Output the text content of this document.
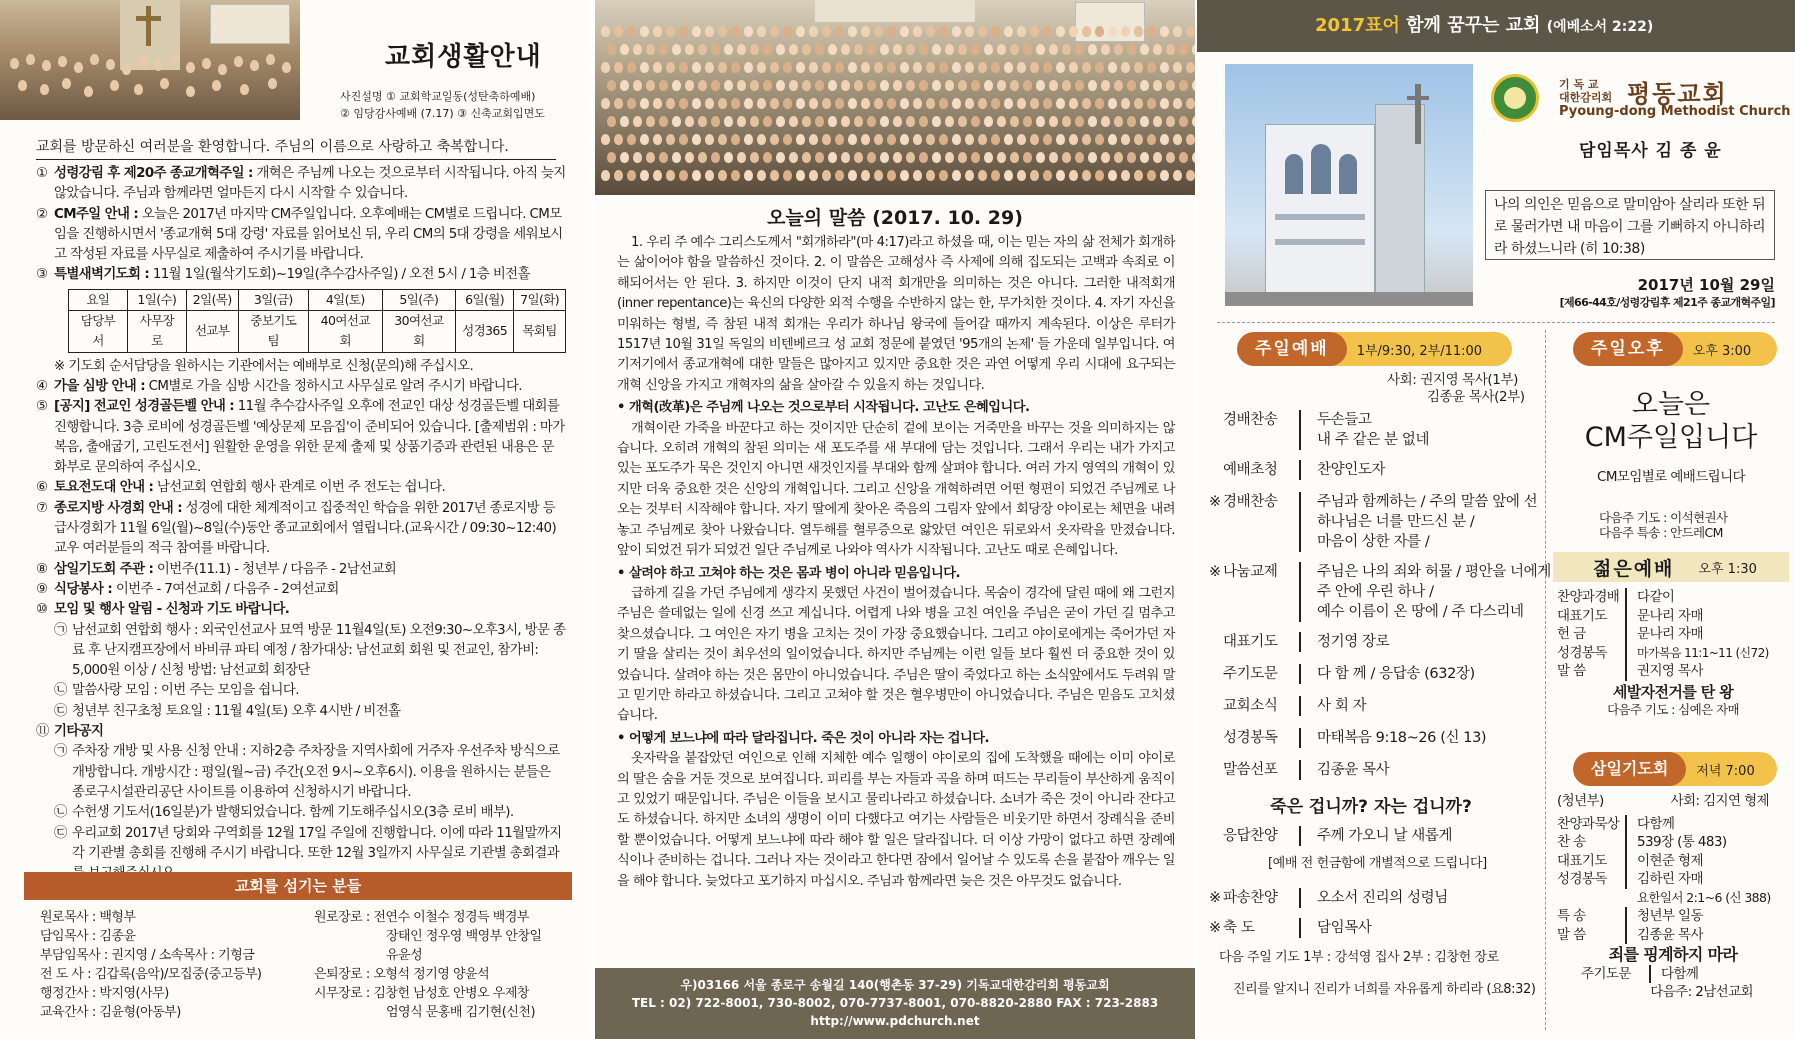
교회생활안내
사진설명 ① 교회학교일동(성탄축하예배)
② 임당감사예배 (7.17) ③ 신축교회입면도
교회를 방문하신 여러분을 환영합니다. 주님의 이름으로 사랑하고 축복합니다.
① 성령강림 후 제20주 종교개혁주일 : 개혁은 주님께 나오는 것으로부터 시작됩니다. 아직 늦지 않았습니다. 주님과 함께라면 얼마든지 다시 시작할 수 있습니다.
② CM주일 안내 : 오늘은 2017년 마지막 CM주일입니다. 오후예배는 CM별로 드립니다. CM모임을 진행하시면서 '종교개혁 5대 강령' 자료를 읽어보신 뒤, 우리 CM의 5대 강령을 세워보시고 작성된 자료를 사무실로 제출하여 주시기를 바랍니다.
③ 특별새벽기도회 : 11월 1일(월삭기도회)~19일(추수감사주일) / 오전 5시 / 1층 비전홀
요일	1일(수)	2일(목)	3일(금)	4일(토)	5일(주)	6일(월)	7일(화)
담당부서	사무장로	선교부	중보기도팀	40여선교회	30여선교회	성경365	목회팀
※ 기도회 순서담당을 원하시는 기관에서는 예배부로 신청(문의)해 주십시오.
④ 가을 심방 안내 : CM별로 가을 심방 시간을 정하시고 사무실로 알려 주시기 바랍니다.
⑤ [공지] 전교인 성경골든벨 안내 : 11월 추수감사주일 오후에 전교인 대상 성경골든벨 대회를 진행합니다. 3층 로비에 성경골든벨 '예상문제 모음집'이 준비되어 있습니다. [출제범위 : 마가복음, 출애굽기, 고린도전서] 원활한 운영을 위한 문제 출제 및 상품기증과 관련된 내용은 문화부로 문의하여 주십시오.
⑥ 토요전도대 안내 : 남선교회 연합회 행사 관계로 이번 주 전도는 쉽니다.
⑦ 종로지방 사경회 안내 : 성경에 대한 체계적이고 집중적인 학습을 위한 2017년 종로지방 등급사경회가 11월 6일(월)~8일(수)동안 종교교회에서 열립니다.(교육시간 / 09:30~12:40) 교우 여러분들의 적극 참여를 바랍니다.
⑧ 삼일기도회 주관 : 이번주(11.1) - 청년부 / 다음주 - 2남선교회
⑨ 식당봉사 : 이번주 - 7여선교회 / 다음주 - 2여선교회
⑩ 모임 및 행사 알림 - 신청과 기도 바랍니다.
㉠ 남선교회 연합회 행사 : 외국인선교사 묘역 방문 11월4일(토) 오전9:30~오후3시, 방문 종료 후 난지캠프장에서 바비큐 파티 예정 / 참가대상: 남선교회 회원 및 전교인, 참가비: 5,000원 이상 / 신청 방법: 남선교회 회장단
㉡ 말씀사랑 모임 : 이번 주는 모임을 쉽니다.
㉢ 청년부 친구초청 토요일 : 11월 4일(토) 오후 4시반 / 비전홀
⑪ 기타공지
㉠ 주차장 개방 및 사용 신청 안내 : 지하2층 주차장을 지역사회에 거주자 우선주차 방식으로 개방합니다. 개방시간 : 평일(월~금) 주간(오전 9시~오후6시). 이용을 원하시는 분들은 종로구시설관리공단 사이트를 이용하여 신청하시기 바랍니다.
㉡ 수헌생 기도서(16일분)가 발행되었습니다. 함께 기도해주십시오(3층 로비 배부).
㉢ 우리교회 2017년 당회와 구역회를 12월 17일 주일에 진행합니다. 이에 따라 11월말까지 각 기관별 총회를 진행해 주시기 바랍니다. 또한 12월 3일까지 사무실로 기관별 총회결과
교회를 섬기는 분들
원로목사 : 백형부
담임목사 : 김종윤
부담임목사 : 권지영 / 소속목사 : 기형금
전 도 사 : 김갑록(음악)/모집중(중고등부)
행정간사 : 박지영(사무)
교육간사 : 김윤형(아동부)
원로장로 : 전연수 이철수 정경득 백경부
장태인 정우영 백영부 안창일
유윤성
은퇴장로 : 오형석 정기영 양윤석
시무장로 : 김창헌 남성호 안병오 우제창
엄영식 문홍배 김기현(신천)
오늘의 말씀 (2017. 10. 29)
1. 우리 주 예수 그리스도께서 "회개하라"(마 4:17)라고 하셨을 때, 이는 믿는 자의 삶 전체가 회개하는 삶이어야 함을 말씀하신 것이다. 2. 이 말씀은 고해성사 즉 사제에 의해 집도되는 고백과 속죄로 이해되어서는 안 된다. 3. 하지만 이것이 단지 내적 회개만을 의미하는 것은 아니다. 그러한 내적회개(inner repentance)는 육신의 다양한 외적 수행을 수반하지 않는 한, 무가치한 것이다. 4. 자기 자신을 미워하는 형벌, 즉 참된 내적 회개는 우리가 하나님 왕국에 들어갈 때까지 계속된다. 이상은 루터가 1517년 10월 31일 독일의 비텐베르크 성 교회 정문에 붙였던 '95개의 논제' 들 가운데 일부입니다. 여기저기에서 종교개혁에 대한 말들은 많아지고 있지만 중요한 것은 과연 어떻게 우리 시대에 요구되는 개혁 신앙을 가지고 개혁자의 삶을 살아갈 수 있을지 하는 것입니다.
• 개혁(改革)은 주님께 나오는 것으로부터 시작됩니다. 고난도 은혜입니다.
개혁이란 가죽을 바꾼다고 하는 것이지만 단순히 겉에 보이는 거죽만을 바꾸는 것을 의미하지는 않습니다. 오히려 개혁의 참된 의미는 새 포도주를 새 부대에 담는 것입니다. 그래서 우리는 내가 가지고 있는 포도주가 묵은 것인지 아니면 새것인지를 부대와 함께 살펴야 합니다. 여러 가지 영역의 개혁이 있지만 더욱 중요한 것은 신앙의 개혁입니다. 그리고 신앙을 개혁하려면 어떤 형편이 되었건 주님께로 나오는 것부터 시작해야 합니다. 자기 딸에게 찾아온 죽음의 그림자 앞에서 회당장 야이로는 체면을 내려놓고 주님께로 찾아 나왔습니다. 열두해를 혈루증으로 앓았던 여인은 뒤로와서 옷자락을 만졌습니다. 앞이 되었건 뒤가 되었건 일단 주님께로 나와야 역사가 시작됩니다. 고난도 때로 은혜입니다.
• 살려야 하고 고쳐야 하는 것은 몸과 병이 아니라 믿음입니다.
급하게 길을 가던 주님에게 생각지 못했던 사건이 벌어졌습니다. 목숨이 경각에 달린 때에 왜 그런지 주님은 쓸데없는 일에 신경 쓰고 계십니다. 어렵게 나와 병을 고친 여인을 주님은 굳이 가던 길 멈추고 찾으셨습니다. 그 여인은 자기 병을 고치는 것이 가장 중요했습니다. 그리고 야이로에게는 죽어가던 자기 딸을 살리는 것이 최우선의 일이었습니다. 하지만 주님께는 이런 일들 보다 훨씬 더 중요한 것이 있었습니다. 살려야 하는 것은 몸만이 아니었습니다. 주님은 딸이 죽었다고 하는 소식앞에서도 두려워 말고 믿기만 하라고 하셨습니다. 그리고 고쳐야 할 것은 혈우병만이 아니었습니다. 주님은 믿음도 고치셨습니다.
• 어떻게 보느냐에 따라 달라집니다. 죽은 것이 아니라 자는 겁니다.
옷자락을 붙잡았던 여인으로 인해 지체한 예수 일행이 야이로의 집에 도착했을 때에는 이미 야이로의 딸은 숨을 거둔 것으로 보여집니다. 피리를 부는 자들과 곡을 하며 떠드는 무리들이 부산하게 움직이고 있었기 때문입니다. 주님은 이들을 보시고 물리나라고 하셨습니다. 소녀가 죽은 것이 아니라 잔다고도 하셨습니다. 하지만 소녀의 생명이 이미 다했다고 여기는 사람들은 비웃기만 하면서 장례식을 준비할 뿐이었습니다. 어떻게 보느냐에 따라 해야 할 일은 달라집니다. 더 이상 가망이 없다고 하면 장례예식이나 준비하는 겁니다. 그러나 자는 것이라고 한다면 잠에서 일어날 수 있도록 손을 붙잡아 깨우는 일을 해야 합니다. 늦었다고 포기하지 마십시오. 주님과 함께라면 늦은 것은 아무것도 없습니다.
우)03166 서울 종로구 송월길 140(행촌동 37-29) 기독교대한감리회 평동교회
TEL : 02) 722-8001, 730-8002, 070-7737-8001, 070-8820-2880 FAX : 723-2883
http://www.pdchurch.net
2017표어 함께 꿈꾸는 교회 (에베소서 2:22)
기 독 교
대한감리회 평동교회
Pyoung-dong Methodist Church
담임목사 김 종 윤
나의 의인은 믿음으로 말미암아 살리라 또한 뒤로 물러가면 내 마음이 그를 기뻐하지 아니하리라 하셨느니라 (히 10:38)
2017년 10월 29일
[제66-44호/성령강림후 제21주 종교개혁주일]
주일예배	1부/9:30, 2부/11:00
사회: 권지영 목사(1부)
김종윤 목사(2부)
경배찬송	두손들고
내 주 같은 분 없네
예배초청	찬양인도자
※ 경배찬송	주님과 함께하는 / 주의 말씀 앞에 선
하나님은 너를 만드신 분 /
마음이 상한 자를 /
※ 나눔교제	주님은 나의 죄와 허물 / 평안을 너에게
주 안에 우린 하나 /
예수 이름이 온 땅에 / 주 다스리네
대표기도	정기영 장로
주기도문	다 함 께 / 응답송 (632장)
교회소식	사 회 자
성경봉독	마태복음 9:18~26 (신 13)
말씀선포	김종윤 목사
죽은 겁니까? 자는 겁니까?
응답찬양	주께 가오니 날 새롭게
[예배 전 헌금함에 개별적으로 드립니다]
※ 파송찬양	오소서 진리의 성령님
※ 축 도	담임목사
다음 주일 기도 1부 : 강석영 집사 2부 : 김창헌 장로
진리를 알지니 진리가 너희를 자유롭게 하리라 (요8:32)
주일오후	오후 3:00
오늘은
CM주일입니다
CM모임별로 예배드립니다
다음주 기도 : 이석현권사
다음주 특송 : 안드레CM
젊은예배 오후 1:30
찬양과경배	다같이
대표기도	문나리 자매
헌 금	문나리 자매
성경봉독	마가복음 11:1~11 (신72)
말 씀	권지영 목사
세발자전거를 탄 왕
다음주 기도 : 심예은 자매
삼일기도회	저녁 7:00
(청년부)	사회: 김지연 형제
찬양과묵상	다함께
찬 송	539장 (통 483)
대표기도	이현준 형제
성경봉독	김하린 자매
요한일서 2:1~6 (신 388)
특 송	청년부 일동
말 씀	김종윤 목사
죄를 핑계하지 마라
주기도문	다함께
다음주: 2남선교회
